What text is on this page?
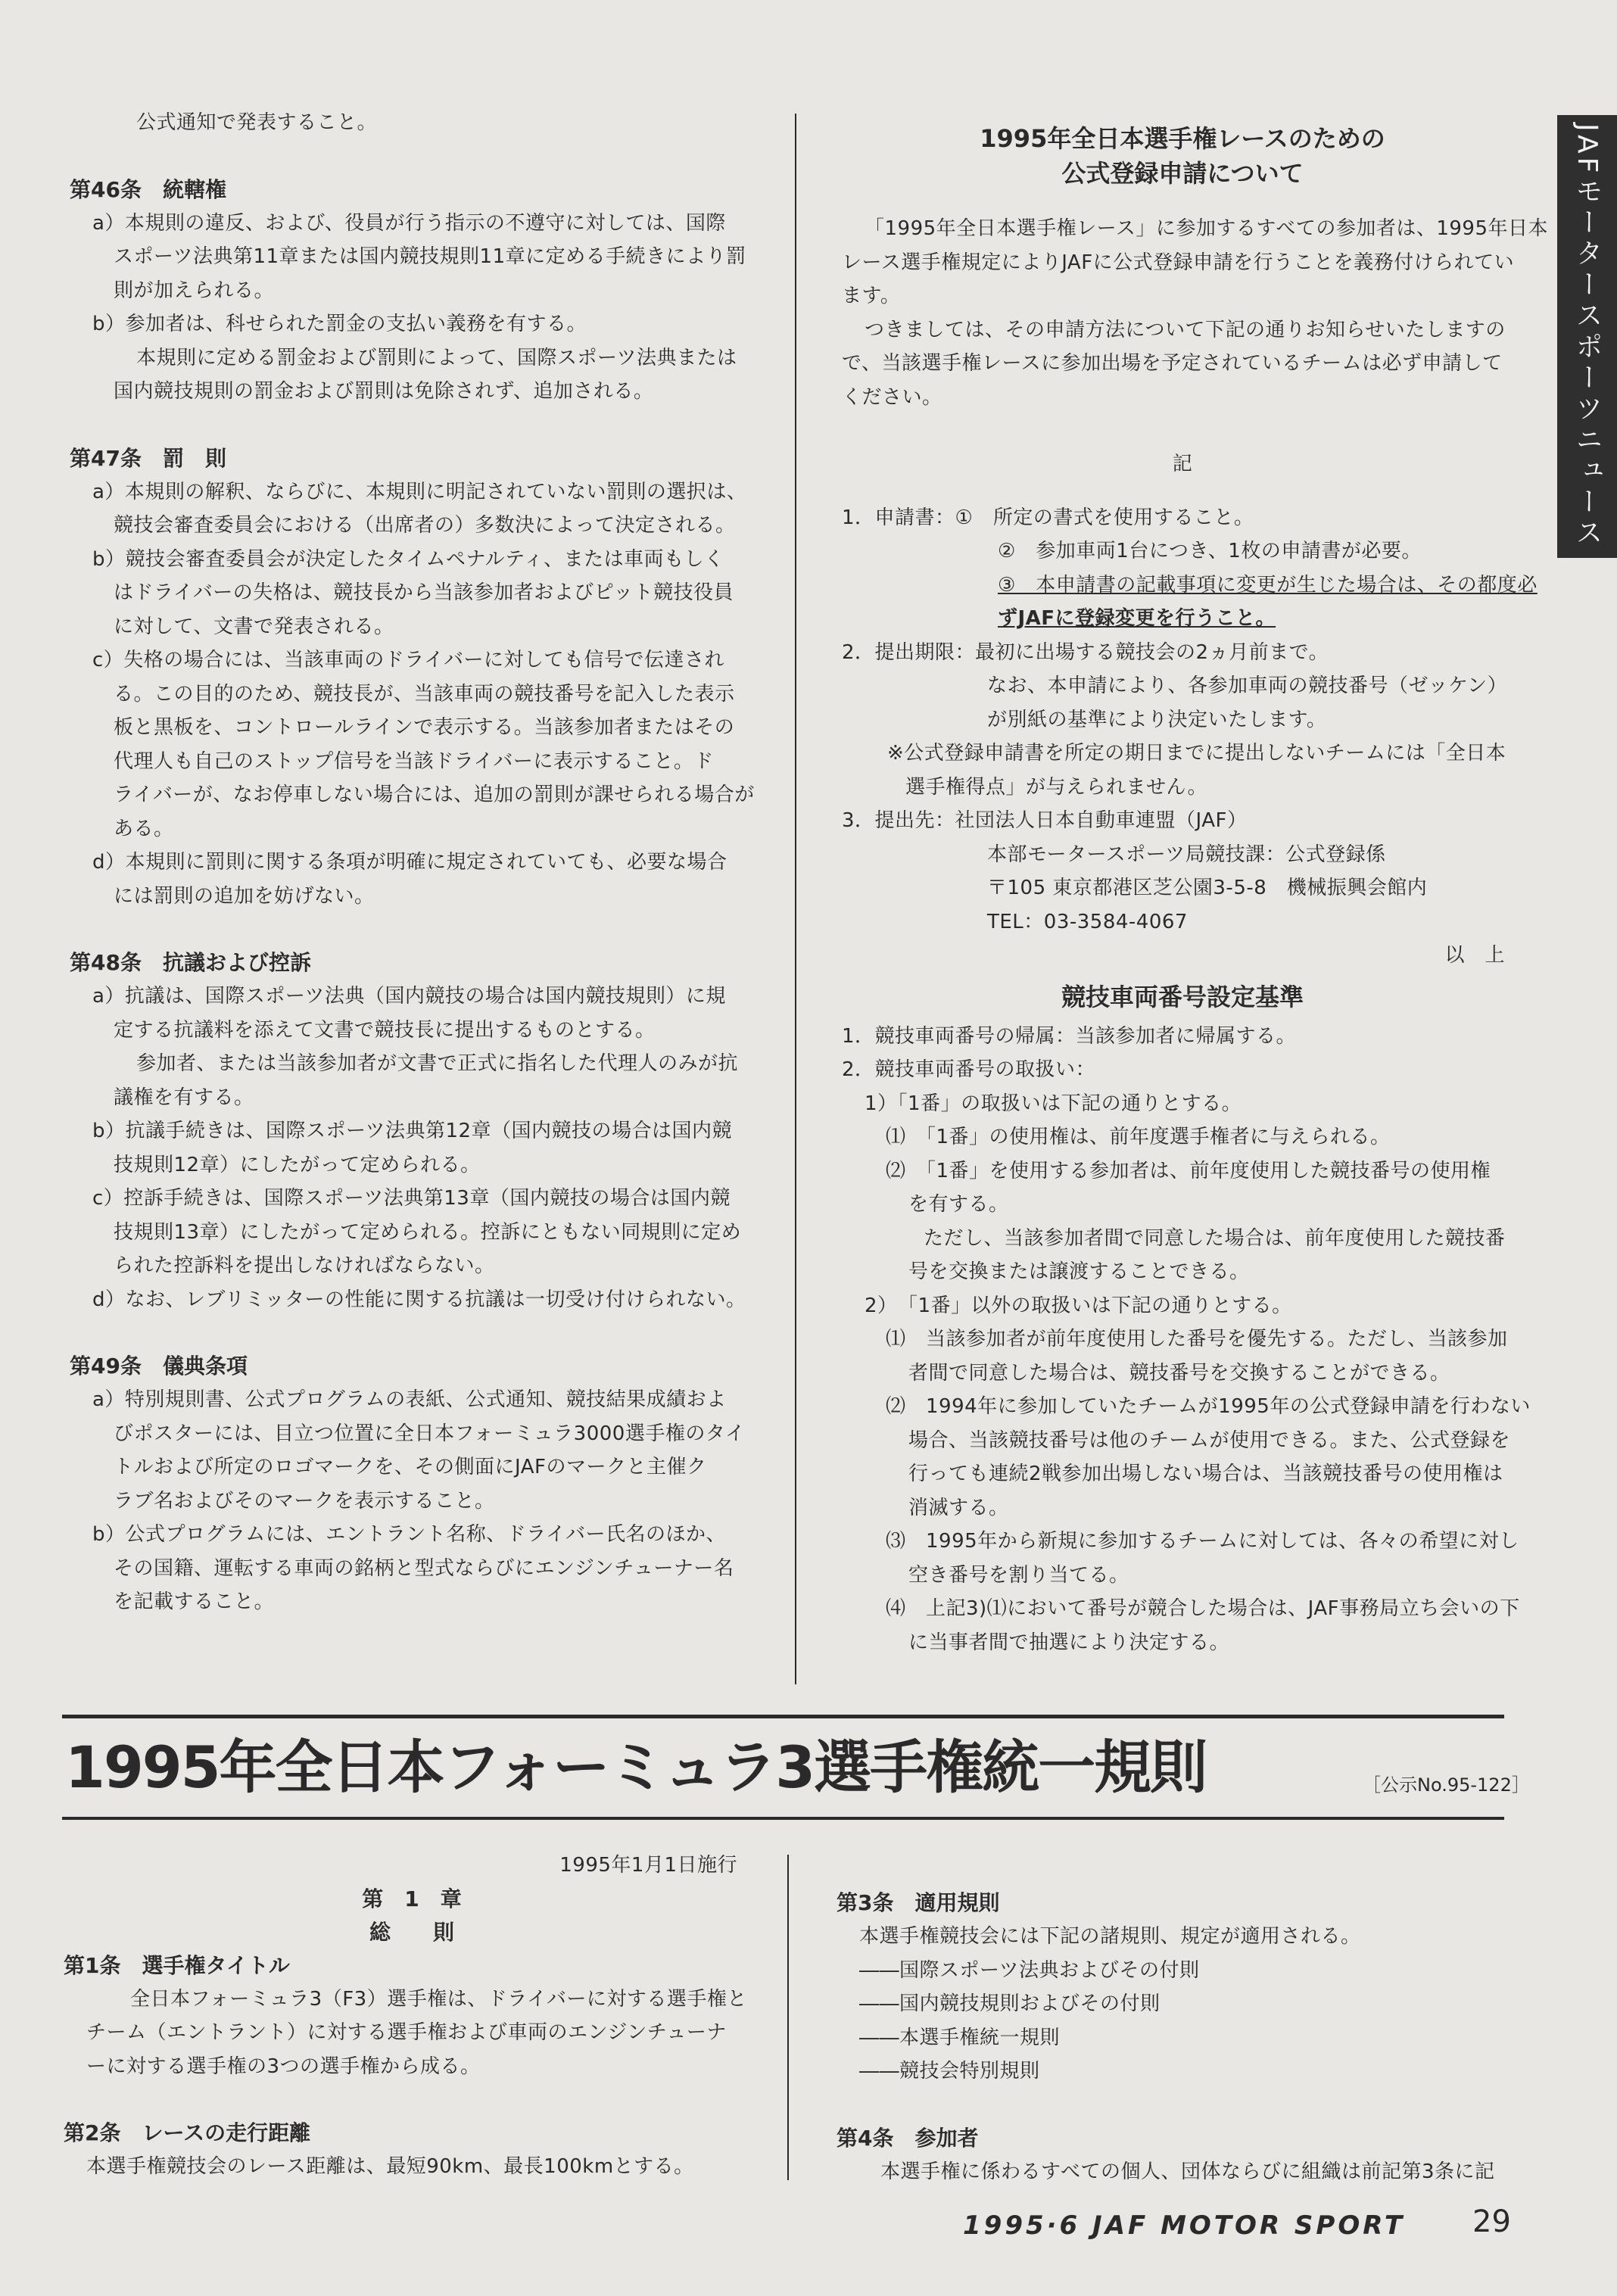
JAFモータースポーツニュース
公式通知で発表すること。
第46条　統轄権
a）本規則の違反、および、役員が行う指示の不遵守に対しては、国際
スポーツ法典第11章または国内競技規則11章に定める手続きにより罰
則が加えられる。
b）参加者は、科せられた罰金の支払い義務を有する。
本規則に定める罰金および罰則によって、国際スポーツ法典または
国内競技規則の罰金および罰則は免除されず、追加される。
第47条　罰　則
a）本規則の解釈、ならびに、本規則に明記されていない罰則の選択は、
競技会審査委員会における（出席者の）多数決によって決定される。
b）競技会審査委員会が決定したタイムペナルティ、または車両もしく
はドライバーの失格は、競技長から当該参加者およびピット競技役員
に対して、文書で発表される。
c）失格の場合には、当該車両のドライバーに対しても信号で伝達され
る。この目的のため、競技長が、当該車両の競技番号を記入した表示
板と黒板を、コントロールラインで表示する。当該参加者またはその
代理人も自己のストップ信号を当該ドライバーに表示すること。ド
ライバーが、なお停車しない場合には、追加の罰則が課せられる場合が
ある。
d）本規則に罰則に関する条項が明確に規定されていても、必要な場合
には罰則の追加を妨げない。
第48条　抗議および控訴
a）抗議は、国際スポーツ法典（国内競技の場合は国内競技規則）に規
定する抗議料を添えて文書で競技長に提出するものとする。
参加者、または当該参加者が文書で正式に指名した代理人のみが抗
議権を有する。
b）抗議手続きは、国際スポーツ法典第12章（国内競技の場合は国内競
技規則12章）にしたがって定められる。
c）控訴手続きは、国際スポーツ法典第13章（国内競技の場合は国内競
技規則13章）にしたがって定められる。控訴にともない同規則に定め
られた控訴料を提出しなければならない。
d）なお、レブリミッターの性能に関する抗議は一切受け付けられない。
第49条　儀典条項
a）特別規則書、公式プログラムの表紙、公式通知、競技結果成績およ
びポスターには、目立つ位置に全日本フォーミュラ3000選手権のタイ
トルおよび所定のロゴマークを、その側面にJAFのマークと主催ク
ラブ名およびそのマークを表示すること。
b）公式プログラムには、エントラント名称、ドライバー氏名のほか、
その国籍、運転する車両の銘柄と型式ならびにエンジンチューナー名
を記載すること。
1995年全日本選手権レースのための
公式登録申請について
「1995年全日本選手権レース」に参加するすべての参加者は、1995年日本
レース選手権規定によりJAFに公式登録申請を行うことを義務付けられてい
ます。
つきましては、その申請方法について下記の通りお知らせいたしますの
で、当該選手権レースに参加出場を予定されているチームは必ず申請して
ください。
記
1．申請書：①　所定の書式を使用すること。
②　参加車両1台につき、1枚の申請書が必要。
③　本申請書の記載事項に変更が生じた場合は、その都度必
ずJAFに登録変更を行うこと。
2．提出期限：最初に出場する競技会の2ヵ月前まで。
なお、本申請により、各参加車両の競技番号（ゼッケン）
が別紙の基準により決定いたします。
※公式登録申請書を所定の期日までに提出しないチームには「全日本
選手権得点」が与えられません。
3．提出先：社団法人日本自動車連盟（JAF）
本部モータースポーツ局競技課：公式登録係
〒105 東京都港区芝公園3-5-8　機械振興会館内
TEL：03-3584-4067
以　上
競技車両番号設定基準
1．競技車両番号の帰属：当該参加者に帰属する。
2．競技車両番号の取扱い：
1）「1番」の取扱いは下記の通りとする。
⑴　「1番」の使用権は、前年度選手権者に与えられる。
⑵　「1番」を使用する参加者は、前年度使用した競技番号の使用権
を有する。
ただし、当該参加者間で同意した場合は、前年度使用した競技番
号を交換または譲渡することできる。
2）　「1番」以外の取扱いは下記の通りとする。
⑴　当該参加者が前年度使用した番号を優先する。ただし、当該参加
者間で同意した場合は、競技番号を交換することができる。
⑵　1994年に参加していたチームが1995年の公式登録申請を行わない
場合、当該競技番号は他のチームが使用できる。また、公式登録を
行っても連続2戦参加出場しない場合は、当該競技番号の使用権は
消滅する。
⑶　1995年から新規に参加するチームに対しては、各々の希望に対し
空き番号を割り当てる。
⑷　上記3)⑴において番号が競合した場合は、JAF事務局立ち会いの下
に当事者間で抽選により決定する。
1995年全日本フォーミュラ3選手権統一規則	［公示No.95-122］
1995年1月1日施行
第　1　章
総　　則
第1条　選手権タイトル
全日本フォーミュラ3（F3）選手権は、ドライバーに対する選手権と
チーム（エントラント）に対する選手権および車両のエンジンチューナ
ーに対する選手権の3つの選手権から成る。
第2条　レースの走行距離
本選手権競技会のレース距離は、最短90km、最長100kmとする。
第3条　適用規則
本選手権競技会には下記の諸規則、規定が適用される。
――国際スポーツ法典およびその付則
――国内競技規則およびその付則
――本選手権統一規則
――競技会特別規則
第4条　参加者
本選手権に係わるすべての個人、団体ならびに組織は前記第3条に記
1995·6 JAF MOTOR SPORT 29
